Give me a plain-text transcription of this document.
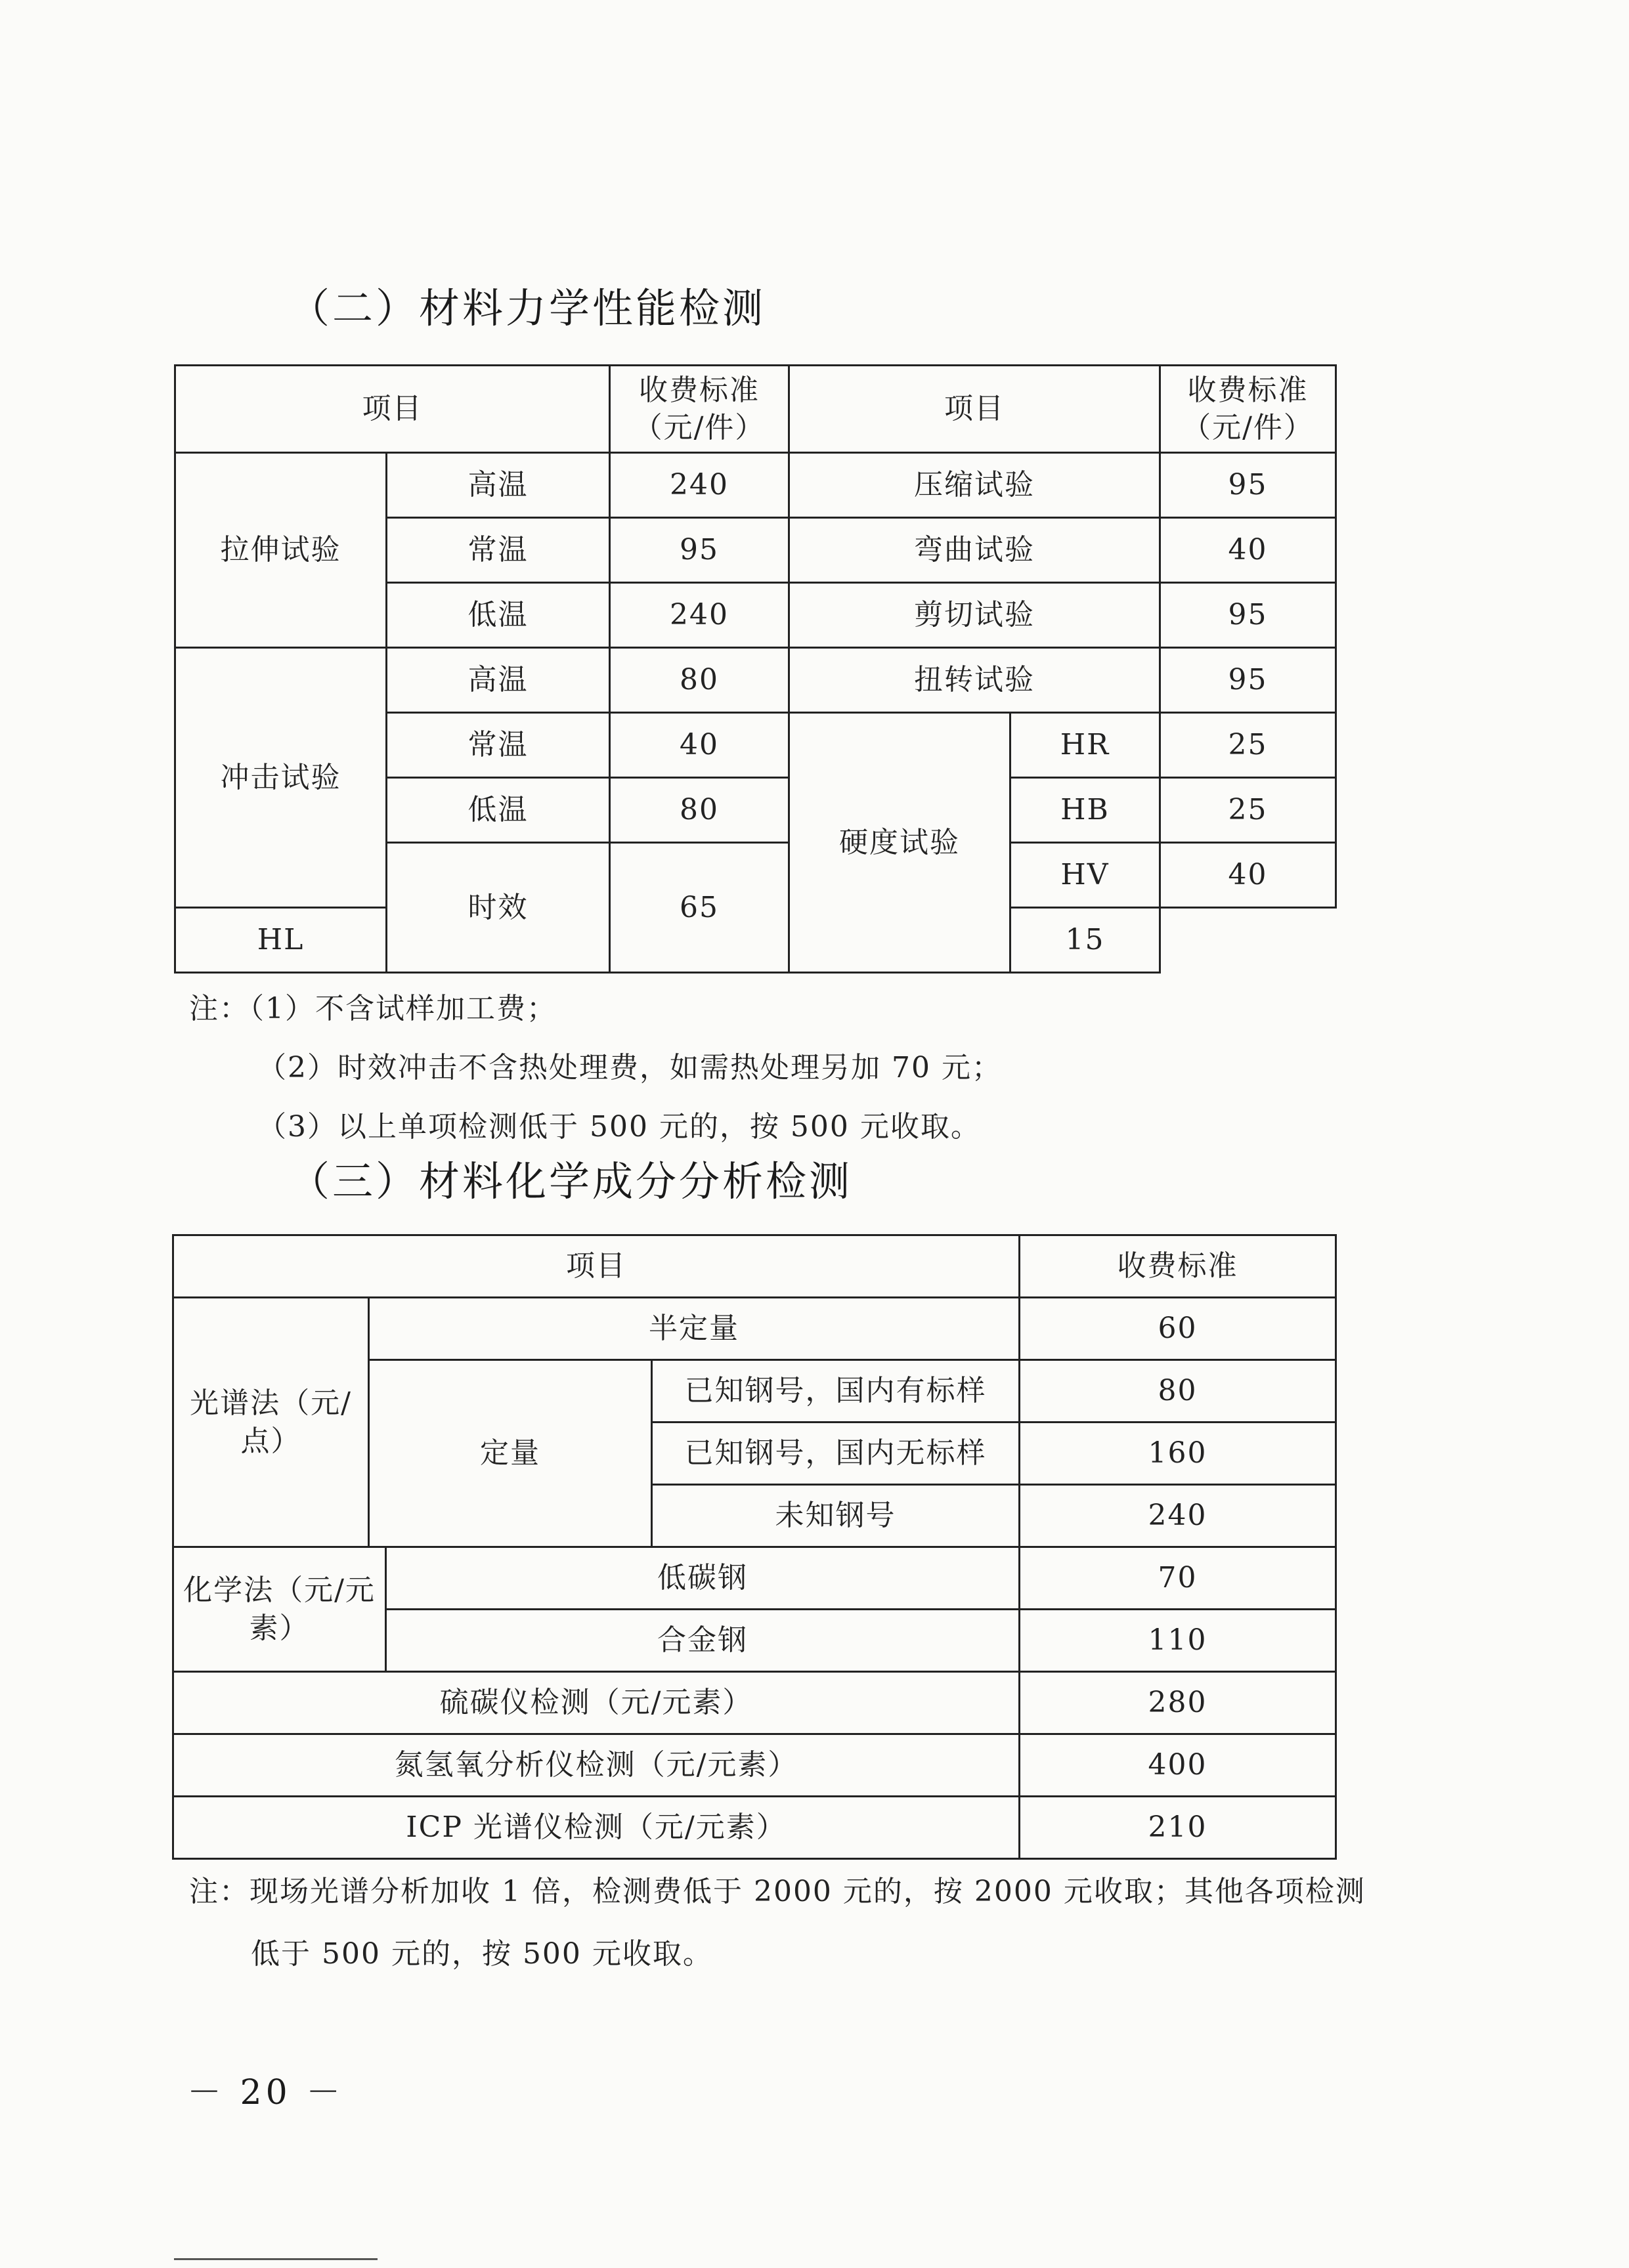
（二）材料力学性能检测
项目		收费标准（元/件）	项目		收费标准（元/件）
拉伸试验	高温	240	压缩试验		95
	常温	95	弯曲试验		40
	低温	240	剪切试验		95
冲击试验	高温	80	扭转试验		95
	常温	40	硬度试验	HR	25
	低温	80		HB	25
	时效	65		HV	40
HL				15	
注：（1）不含试样加工费；
（2）时效冲击不含热处理费，如需热处理另加 70 元；
（3）以上单项检测低于 500 元的，按 500 元收取。
（三）材料化学成分分析检测
项目				收费标准
光谱法（元/点）	半定量			60
	定量		已知钢号，国内有标样	80
			已知钢号，国内无标样	160
			未知钢号	240
化学法（元/元素）		低碳钢		70
		合金钢		110
硫碳仪检测（元/元素）				280
氮氢氧分析仪检测（元/元素）				400
ICP 光谱仪检测（元/元素）				210
注：现场光谱分析加收 1 倍，检测费低于 2000 元的，按 2000 元收取；其他各项检测
低于 500 元的，按 500 元收取。
－ 20 －
